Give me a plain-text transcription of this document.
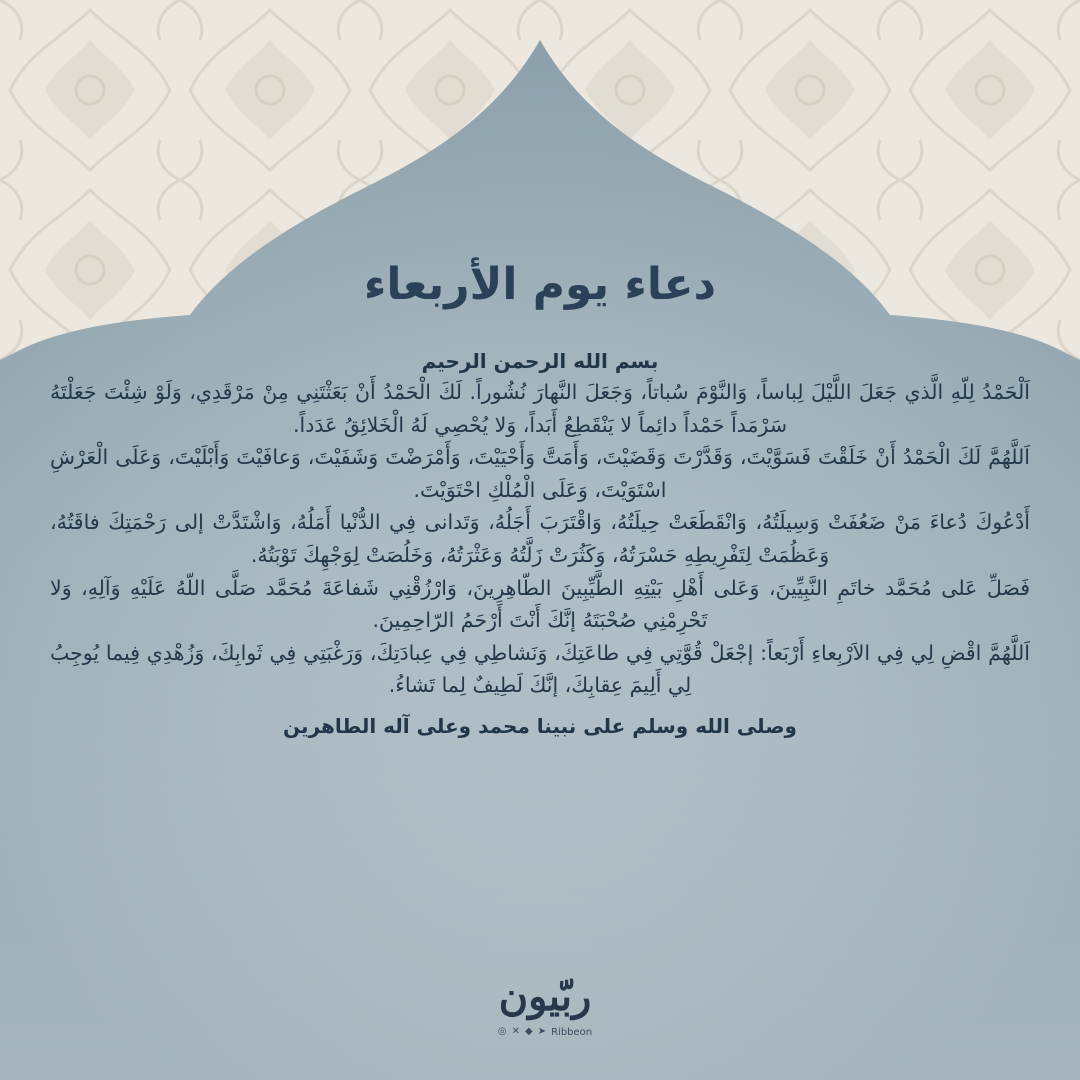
دعاء يوم الأربعاء

بسم الله الرحمن الرحيم

اَلْحَمْدُ لِلّهِ الَّذي جَعَلَ اللَّيْلَ لِباساً، وَالنَّوْمَ سُباتاً، وَجَعَلَ النَّهارَ نُشُوراً. لَكَ الْحَمْدُ أَنْ بَعَثْتَنِي مِنْ مَرْقَدِي، وَلَوْ شِئْتَ جَعَلْتَهُ سَرْمَداً حَمْداً دائِماً لا يَنْقَطِعُ أَبَداً، وَلا يُحْصِي لَهُ الْخَلائِقُ عَدَداً.

اَللَّهُمَّ لَكَ الْحَمْدُ أَنْ خَلَقْتَ فَسَوَّيْتَ، وَقَدَّرْتَ وَقَضَيْتَ، وَأَمَتَّ وَأَحْيَيْتَ، وَأَمْرَضْتَ وَشَفَيْتَ، وَعافَيْتَ وَأَبْلَيْتَ، وَعَلَى الْعَرْشِ اسْتَوَيْتَ، وَعَلَى الْمُلْكِ احْتَوَيْتَ.

أَدْعُوكَ دُعاءَ مَنْ ضَعُفَتْ وَسِيلَتُهُ، وَانْقَطَعَتْ حِيلَتُهُ، وَاقْتَرَبَ أَجَلُهُ، وَتَدانى فِي الدُّنْيا أَمَلُهُ، وَاشْتَدَّتْ إلى رَحْمَتِكَ فاقَتُهُ، وَعَظُمَتْ لِتَفْرِيطِهِ حَسْرَتُهُ، وَكَثُرَتْ زَلَّتُهُ وَعَثْرَتُهُ، وَخَلُصَتْ لِوَجْهِكَ تَوْبَتُهُ.

فَصَلِّ عَلى مُحَمَّد خاتَمِ النَّبِيِّينَ، وَعَلى أَهْلِ بَيْتِهِ الطَّيِّبِينَ الطّاهِرِينَ، وَارْزُقْنِي شَفاعَةَ مُحَمَّد صَلَّى اللّهُ عَلَيْهِ وَآلِهِ، وَلا تَحْرِمْنِي صُحْبَتَهُ إنَّكَ أَنْتَ أَرْحَمُ الرّاحِمِينَ.

اَللَّهُمَّ اقْضِ لِي فِي الاَرْبِعاءِ أَرْبَعاً: إجْعَلْ قُوَّتِي فِي طاعَتِكَ، وَنَشاطِي فِي عِبادَتِكَ، وَرَغْبَتِي فِي ثَوابِكَ، وَزُهْدِي فِيما يُوجِبُ لِي أَلِيمَ عِقابِكَ، إنَّكَ لَطِيفٌ لِما تَشاءُ.

وصلى الله وسلم على نبينا محمد وعلى آله الطاهرين

ربّيون
◎ ✕ ◆ ➤ Ribbeon
